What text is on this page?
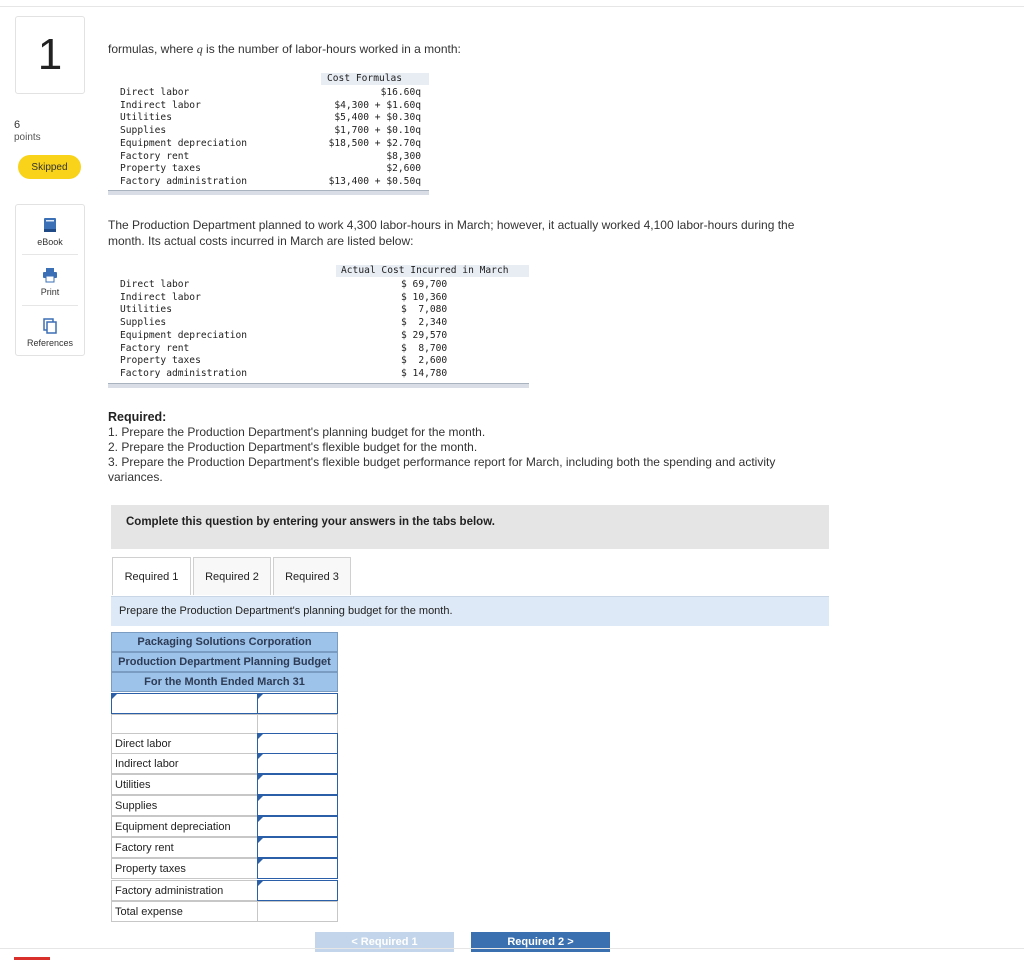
1
6
points
Skipped
eBook
Print
References
formulas, where q is the number of labor-hours worked in a month:
Cost Formulas
Direct labor	$16.60q
Indirect labor	$4,300 + $1.60q
Utilities	$5,400 + $0.30q
Supplies	$1,700 + $0.10q
Equipment depreciation	$18,500 + $2.70q
Factory rent	$8,300
Property taxes	$2,600
Factory administration	$13,400 + $0.50q
The Production Department planned to work 4,300 labor-hours in March; however, it actually worked 4,100 labor-hours during the
month. Its actual costs incurred in March are listed below:
Actual Cost Incurred in March
Direct labor	$ 69,700
Indirect labor	$ 10,360
Utilities	$  7,080
Supplies	$  2,340
Equipment depreciation	$ 29,570
Factory rent	$  8,700
Property taxes	$  2,600
Factory administration	$ 14,780
Required:
1. Prepare the Production Department's planning budget for the month.
2. Prepare the Production Department's flexible budget for the month.
3. Prepare the Production Department's flexible budget performance report for March, including both the spending and activity
variances.
Complete this question by entering your answers in the tabs below.
Required 1	Required 2	Required 3
Prepare the Production Department's planning budget for the month.
Packaging Solutions Corporation
Production Department Planning Budget
For the Month Ended March 31
Direct labor
Indirect labor
Utilities
Supplies
Equipment depreciation
Factory rent
Property taxes
Factory administration
Total expense
< Required 1	Required 2 >
